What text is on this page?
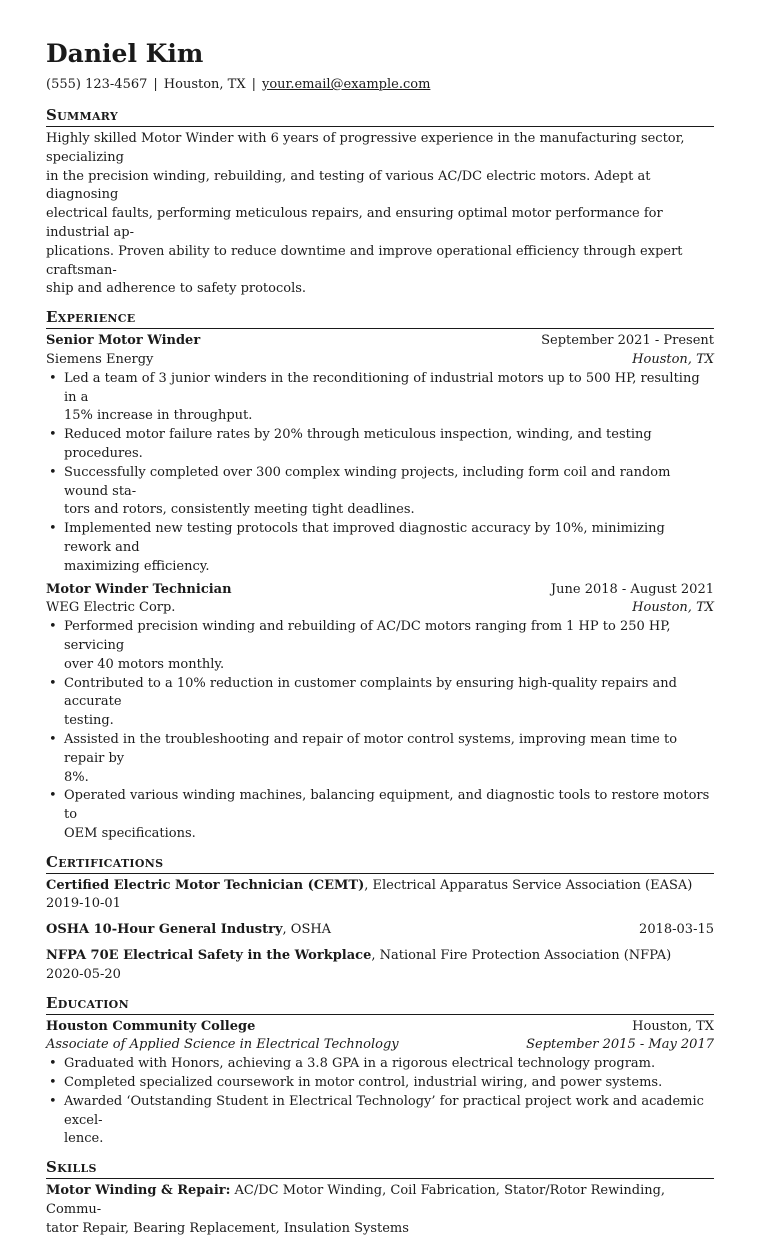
Daniel Kim
(555) 123-4567 | Houston, TX | your.email@example.com
Summary
Highly skilled Motor Winder with 6 years of progressive experience in the manufacturing sector, specializing
in the precision winding, rebuilding, and testing of various AC/DC electric motors. Adept at diagnosing
electrical faults, performing meticulous repairs, and ensuring optimal motor performance for industrial ap-
plications. Proven ability to reduce downtime and improve operational efficiency through expert craftsman-
ship and adherence to safety protocols.
Experience
Senior Motor Winder	September 2021 - Present
Siemens Energy	Houston, TX
• Led a team of 3 junior winders in the reconditioning of industrial motors up to 500 HP, resulting in a
15% increase in throughput.
• Reduced motor failure rates by 20% through meticulous inspection, winding, and testing procedures.
• Successfully completed over 300 complex winding projects, including form coil and random wound sta-
tors and rotors, consistently meeting tight deadlines.
• Implemented new testing protocols that improved diagnostic accuracy by 10%, minimizing rework and
maximizing efficiency.
Motor Winder Technician	June 2018 - August 2021
WEG Electric Corp.	Houston, TX
• Performed precision winding and rebuilding of AC/DC motors ranging from 1 HP to 250 HP, servicing
over 40 motors monthly.
• Contributed to a 10% reduction in customer complaints by ensuring high-quality repairs and accurate
testing.
• Assisted in the troubleshooting and repair of motor control systems, improving mean time to repair by
8%.
• Operated various winding machines, balancing equipment, and diagnostic tools to restore motors to
OEM specifications.
Certifications
Certified Electric Motor Technician (CEMT), Electrical Apparatus Service Association (EASA)
2019-10-01
OSHA 10-Hour General Industry, OSHA	2018-03-15
NFPA 70E Electrical Safety in the Workplace, National Fire Protection Association (NFPA)
2020-05-20
Education
Houston Community College	Houston, TX
Associate of Applied Science in Electrical Technology	September 2015 - May 2017
• Graduated with Honors, achieving a 3.8 GPA in a rigorous electrical technology program.
• Completed specialized coursework in motor control, industrial wiring, and power systems.
• Awarded ‘Outstanding Student in Electrical Technology’ for practical project work and academic excel-
lence.
Skills
Motor Winding & Repair: AC/DC Motor Winding, Coil Fabrication, Stator/Rotor Rewinding, Commu-
tator Repair, Bearing Replacement, Insulation Systems
